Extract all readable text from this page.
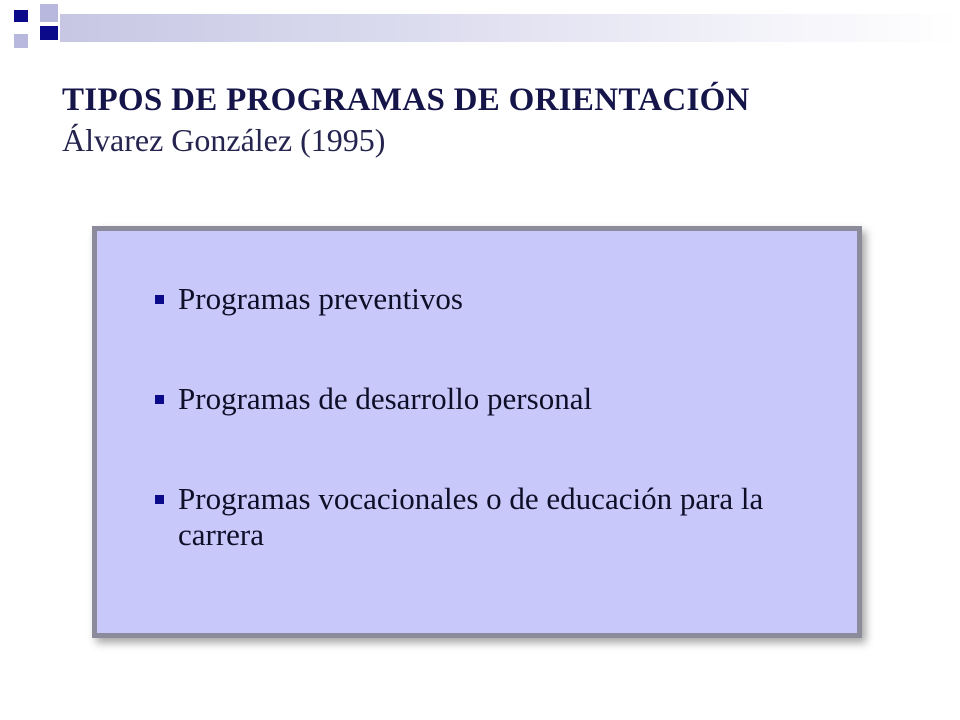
TIPOS DE PROGRAMAS DE ORIENTACIÓN
Álvarez González (1995)
Programas preventivos
Programas de desarrollo personal
Programas vocacionales o de educación para la carrera
